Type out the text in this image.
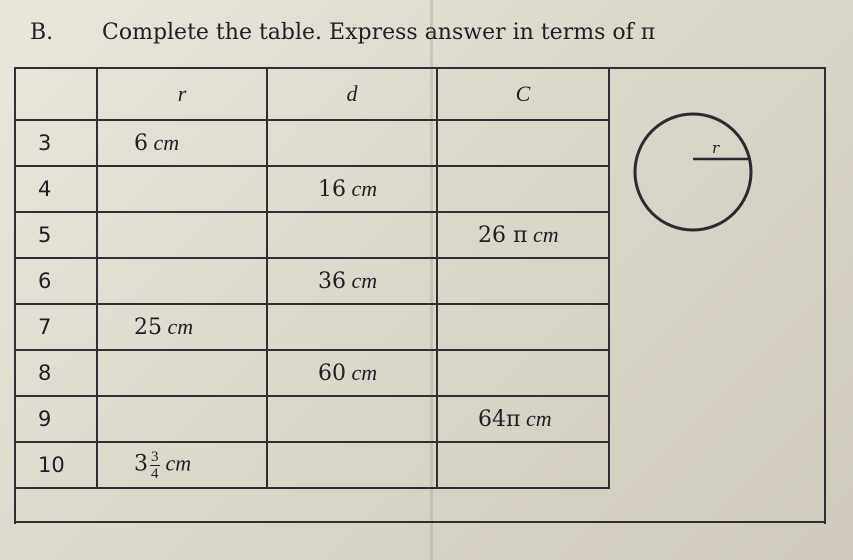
B. Complete the table. Express answer in terms of π
	r	d	C
3	6 cm		
4		16 cm	
5			26 π cm
6		36 cm	
7	25 cm		
8		60 cm	
9			64π cm
10	$3 \frac{3}{4}$ cm		
r
